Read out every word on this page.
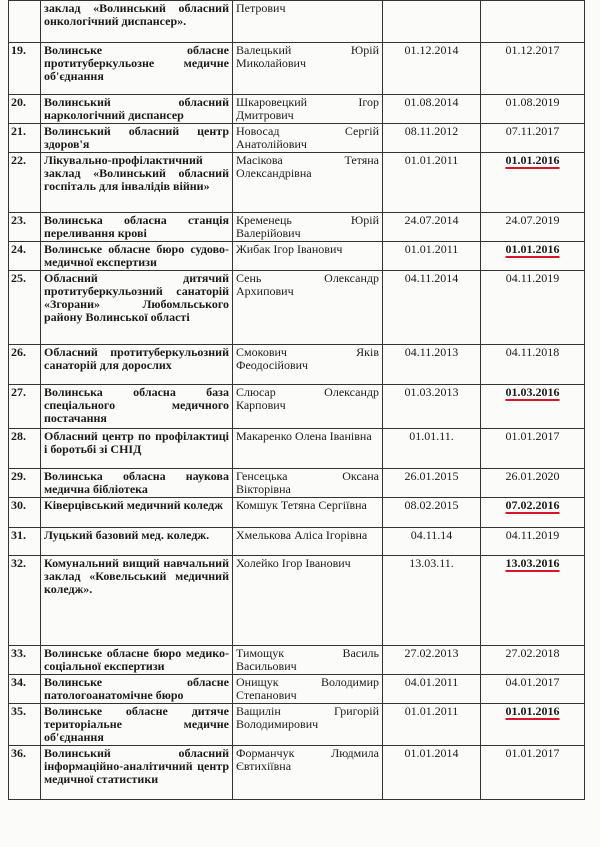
	заклад «Волинський обласний онкологічний диспансер».	Петрович		
19.	Волинське обласне протитуберкульозне медичне об'єднання	Валецький Юрій Миколайович	01.12.2014	01.12.2017
20.	Волинський обласний наркологічний диспансер	Шкаровецкий Ігор Дмитрович	01.08.2014	01.08.2019
21.	Волинський обласний центр здоров'я	Новосад Сергій Анатолійович	08.11.2012	07.11.2017
22.	Лікувально-профілактичний заклад «Волинський обласний госпіталь для інвалідів війни»	Масікова Тетяна Олександрівна	01.01.2011	01.01.2016
23.	Волинська обласна станція переливання крові	Кременець Юрій Валерійович	24.07.2014	24.07.2019
24.	Волинське обласне бюро судово-медичної експертизи	Жибак Ігор Іванович	01.01.2011	01.01.2016
25.	Обласний дитячий протитуберкульозний санаторій «Згорани» Любомльського району Волинської області	Сень Олександр Архипович	04.11.2014	04.11.2019
26.	Обласний протитуберкульозний санаторій для дорослих	Смокович Яків Феодосійович	04.11.2013	04.11.2018
27.	Волинська обласна база спеціального медичного постачання	Слюсар Олександр Карпович	01.03.2013	01.03.2016
28.	Обласний центр по профілактиці і боротьбі зі СНІД	Макаренко Олена Іванівна	01.01.11.	01.01.2017
29.	Волинська обласна наукова медична бібліотека	Генсецька Оксана Вікторівна	26.01.2015	26.01.2020
30.	Ківерцівський медичний коледж	Комшук Тетяна Сергіївна	08.02.2015	07.02.2016
31.	Луцький базовий мед. коледж.	Хмелькова Аліса Ігорівна	04.11.14	04.11.2019
32.	Комунальний вищий навчальний заклад «Ковельський медичний коледж».	Холейко Ігор Іванович	13.03.11.	13.03.2016
33.	Волинське обласне бюро медико-соціальної експертизи	Тимощук Василь Васильович	27.02.2013	27.02.2018
34.	Волинське обласне патологоанатомічне бюро	Онищук Володимир Степанович	04.01.2011	04.01.2017
35.	Волинське обласне дитяче територіальне медичне об'єднання	Ващилін Григорій Володимирович	01.01.2011	01.01.2016
36.	Волинський обласний інформаційно-аналітичний центр медичної статистики	Форманчук Людмила Євтихіївна	01.01.2014	01.01.2017
